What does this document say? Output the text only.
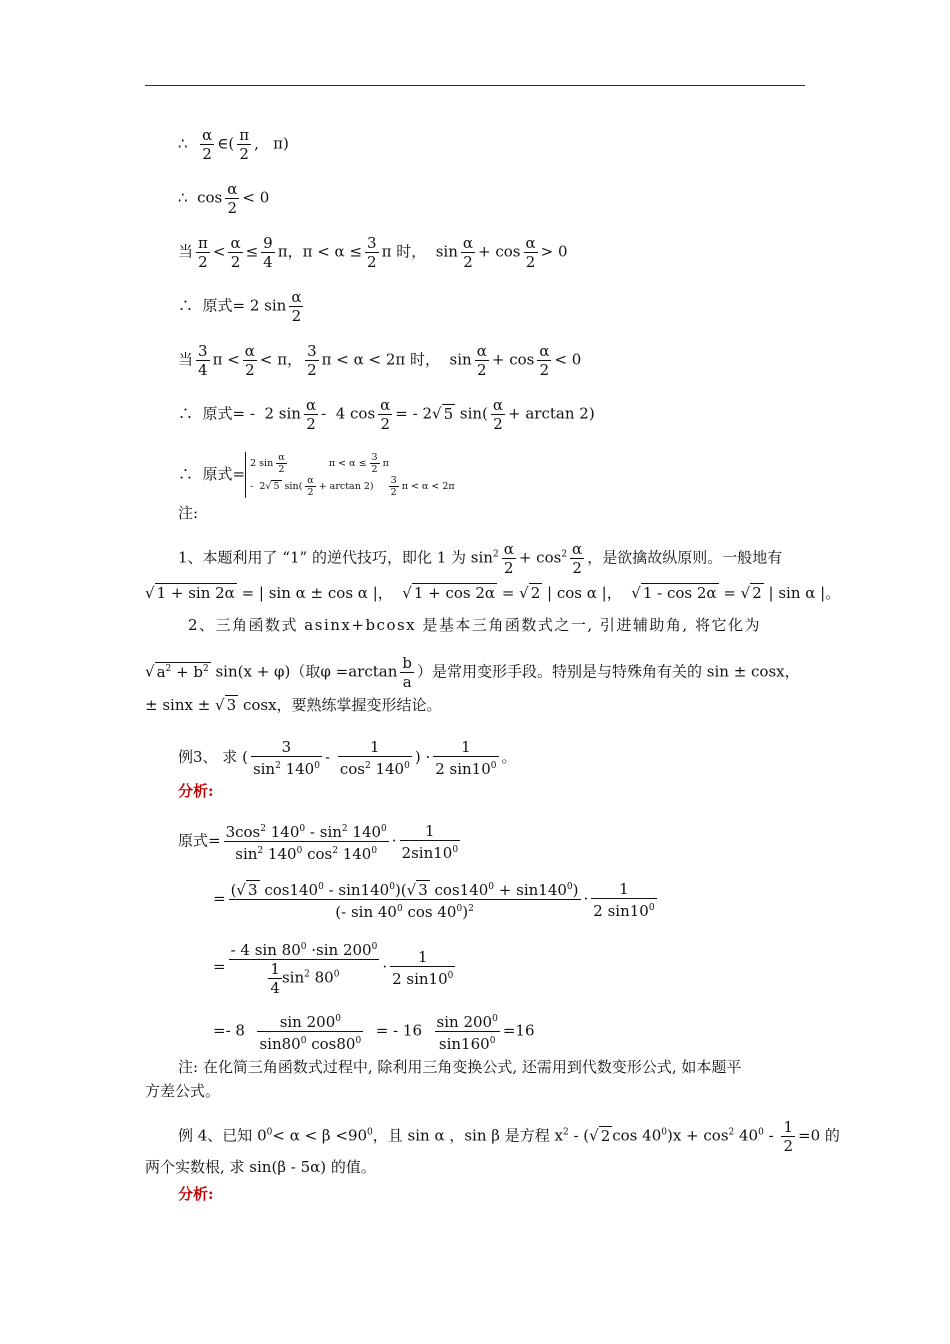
∴ $\frac{\alpha}{2}$ ∈( $\frac{\pi}{2}$ ,   π)
∴  $\cos \frac{\alpha}{2} < 0$
当 $\frac{\pi}{2} < \frac{\alpha}{2} \le \frac{9}{4}$ π，$\pi < \alpha \le \frac{3}{2}$ π 时，  $\sin \frac{\alpha}{2} + \cos \frac{\alpha}{2} > 0$
∴  原式= 2 $\sin \frac{\alpha}{2}$
当 $\frac{3}{4}$ $\pi < \frac{\alpha}{2} < \pi$， $\frac{3}{2}$ π < α < 2π 时，  $\sin \frac{\alpha}{2} + \cos \frac{\alpha}{2} < 0$
∴  原式= -  2 $\sin \frac{\alpha}{2} - 4$ $\cos \frac{\alpha}{2}$ = - 2√ 5 $\sin( \frac{\alpha}{2} + \arctan 2)$
∴  原式=
2 $\sin \frac{\alpha}{2}$ $\pi < \alpha \le \frac{3}{2}$ π
-  2√ 5 $\sin( \frac{\alpha}{2} + \arctan 2) \frac{3}{2}$ π < α < 2π
注:
1、本题利用了 “1” 的逆代技巧，即化 1 为 $\sin^2 \frac{\alpha}{2} + \cos^2 \frac{\alpha}{2}$ ，是欲擒故纵原则。一般地有
√ 1 + sin 2α = | sin α ± cos α |，  √ 1 + cos 2α = √ 2 | cos α |，  √ 1 - cos 2α = √ 2 | sin α |。
2、三角函数式 asinx+bcosx 是基本三角函数式之一, 引进辅助角, 将它化为
√ $a^2 + b^2$ sin(x + φ)（取$\varphi =\arctan \frac{b}{a}$ ）是常用变形手段。特别是与特殊角有关的 sin ± cosx，
± sinx ± √ 3 cosx，要熟练掌握变形结论。
例3、 求 ( $\frac{3}{\sin^2 140^0} - \frac{1}{\cos^2 140^0}$ ) · $\frac{1}{2 \sin 10^0}$ 。
分析:
原式= $\frac{3\cos^2 140^0 - \sin^2 140^0}{\sin^2 140^0 \cos^2 140^0} \cdot \frac{1}{2\sin 10^0}$
= $\frac{(√ 3 \cos 140^0 - \sin 140^0)(√ 3 \cos 140^0 + \sin 140^0)}{(- \sin 40^0 \cos 40^0)^2} \cdot \frac{1}{2 \sin 10^0}$
= $\frac{- 4 \sin 80^0 \cdot\sin 200^0}{\frac{1}{4} \sin^2 80^0} \cdot \frac{1}{2 \sin 10^0}$
=- $8 \frac{\sin 200^0}{\sin 80^0 \cos 80^0}$ = - $16 \frac{\sin 200^0}{\sin 160^0} =16$
注: 在化简三角函数式过程中, 除利用三角变换公式, 还需用到代数变形公式, 如本题平
方差公式。
例 4、已知 $0^0< \alpha < \beta <90^0$，且 sin α ，sin β 是方程 $x^2$ - (√ 2 $\cos 40^0)x + \cos^2 40^0 - \frac{1}{2} =0$ 的
两个实数根, 求 sin(β - 5α) 的值。
分析:
